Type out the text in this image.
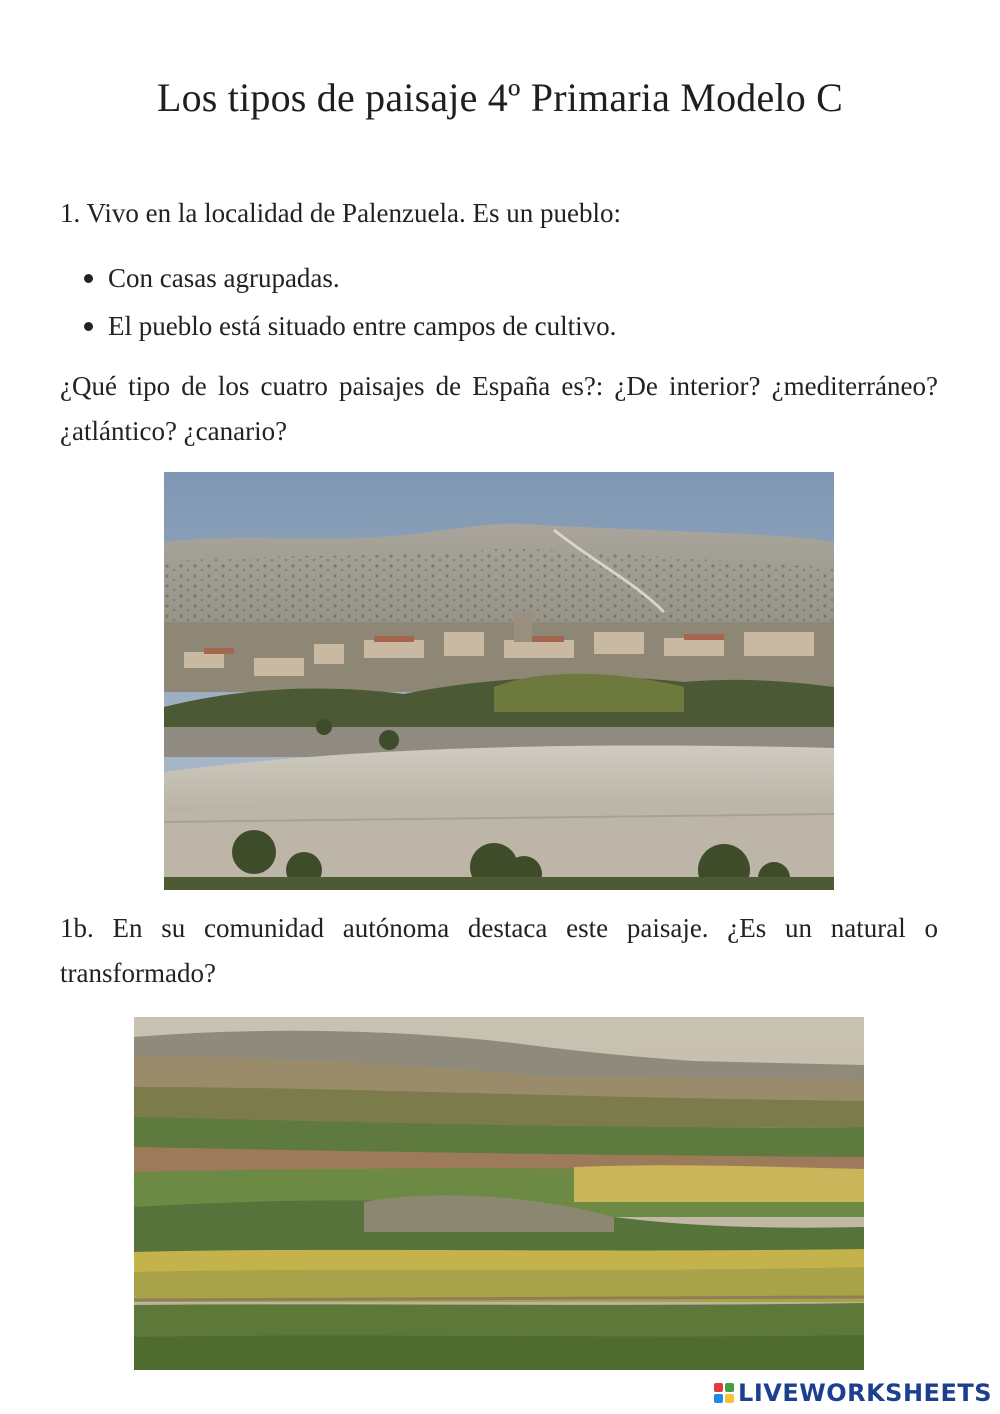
Los tipos de paisaje 4º Primaria Modelo C

1. Vivo en la localidad de Palenzuela. Es un pueblo:

Con casas agrupadas.
El pueblo está situado entre campos de cultivo.

¿Qué tipo de los cuatro paisajes de España es?: ¿De interior? ¿mediterráneo? ¿atlántico? ¿canario?

1b. En su comunidad autónoma destaca este paisaje. ¿Es un natural o transformado?

LIVEWORKSHEETS
